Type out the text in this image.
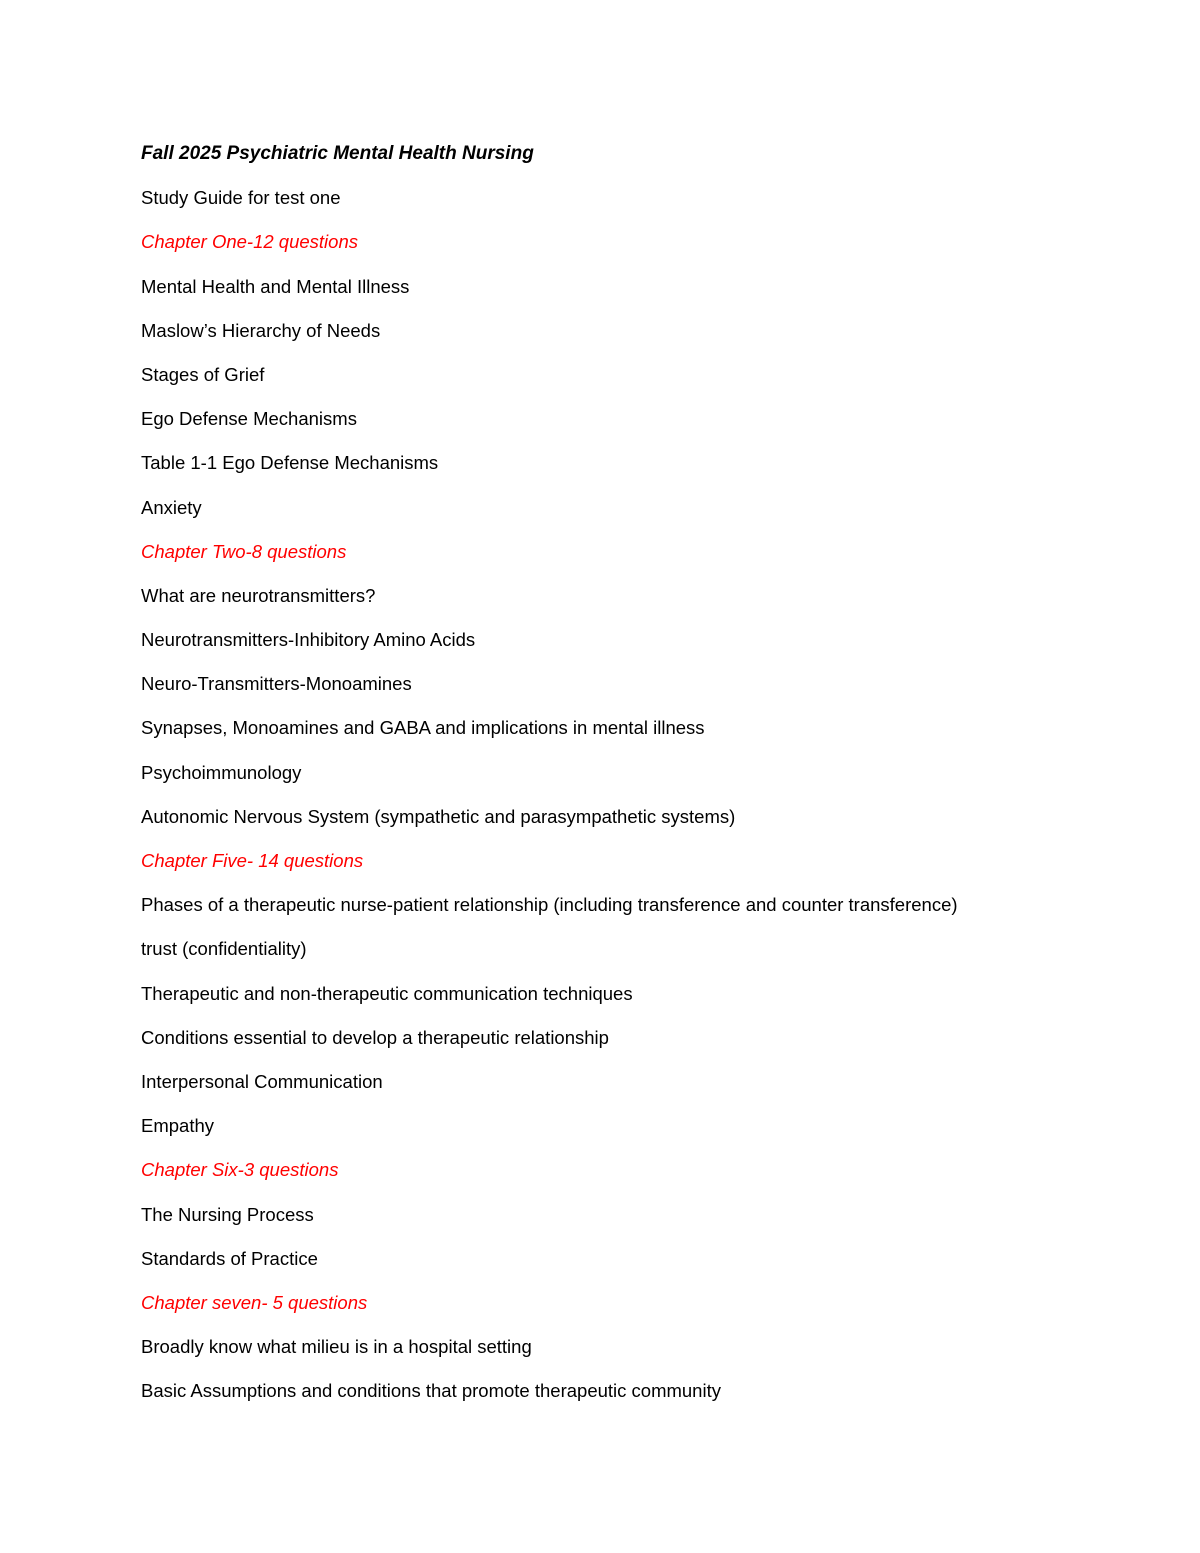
Fall 2025 Psychiatric Mental Health Nursing
Study Guide for test one
Chapter One-12 questions
Mental Health and Mental Illness
Maslow’s Hierarchy of Needs
Stages of Grief
Ego Defense Mechanisms
Table 1-1 Ego Defense Mechanisms
Anxiety
Chapter Two-8 questions
What are neurotransmitters?
Neurotransmitters-Inhibitory Amino Acids
Neuro-Transmitters-Monoamines
Synapses, Monoamines and GABA and implications in mental illness
Psychoimmunology
Autonomic Nervous System (sympathetic and parasympathetic systems)
Chapter Five- 14 questions
Phases of a therapeutic nurse-patient relationship (including transference and counter transference)
trust (confidentiality)
Therapeutic and non-therapeutic communication techniques
Conditions essential to develop a therapeutic relationship
Interpersonal Communication
Empathy
Chapter Six-3 questions
The Nursing Process
Standards of Practice
Chapter seven- 5 questions
Broadly know what milieu is in a hospital setting
Basic Assumptions and conditions that promote therapeutic community
